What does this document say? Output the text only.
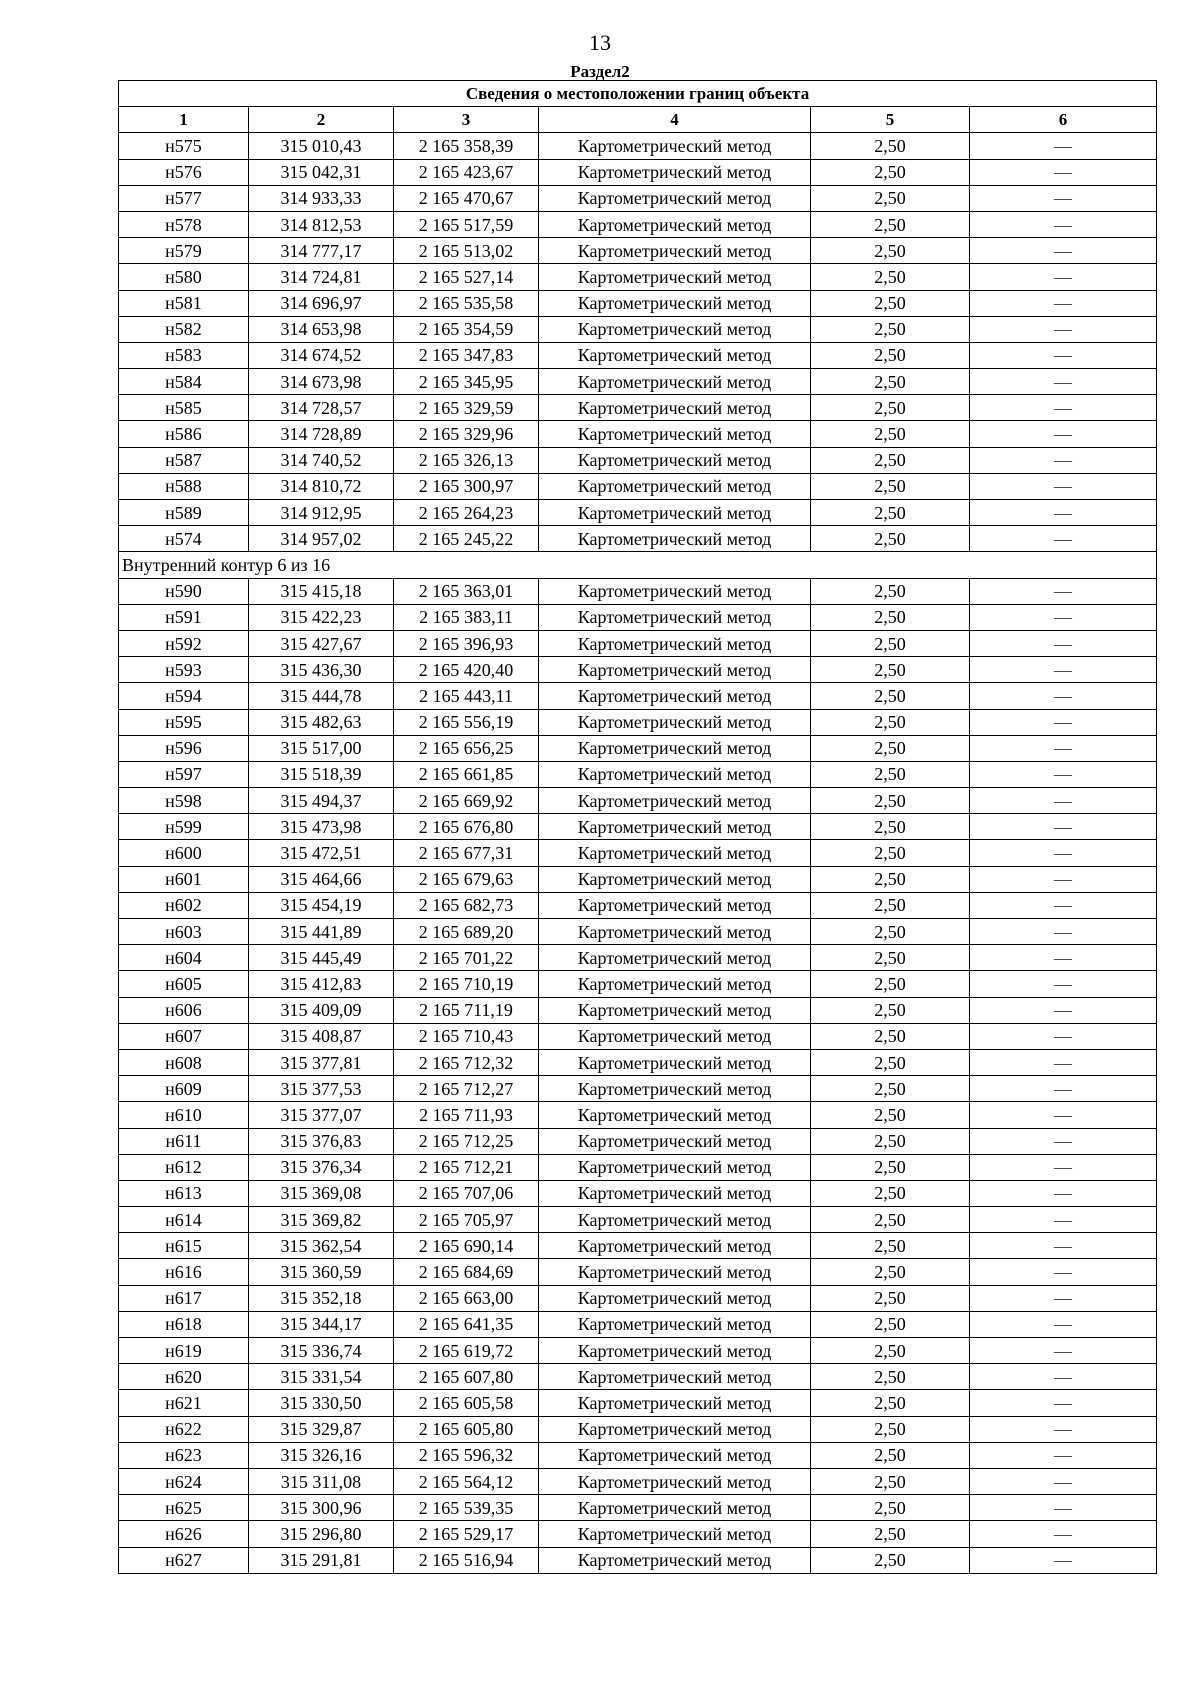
13
Раздел2
Сведения о местоположении границ объекта					
1	2	3	4	5	6
н575	315 010,43	2 165 358,39	Картометрический метод	2,50	—
н576	315 042,31	2 165 423,67	Картометрический метод	2,50	—
н577	314 933,33	2 165 470,67	Картометрический метод	2,50	—
н578	314 812,53	2 165 517,59	Картометрический метод	2,50	—
н579	314 777,17	2 165 513,02	Картометрический метод	2,50	—
н580	314 724,81	2 165 527,14	Картометрический метод	2,50	—
н581	314 696,97	2 165 535,58	Картометрический метод	2,50	—
н582	314 653,98	2 165 354,59	Картометрический метод	2,50	—
н583	314 674,52	2 165 347,83	Картометрический метод	2,50	—
н584	314 673,98	2 165 345,95	Картометрический метод	2,50	—
н585	314 728,57	2 165 329,59	Картометрический метод	2,50	—
н586	314 728,89	2 165 329,96	Картометрический метод	2,50	—
н587	314 740,52	2 165 326,13	Картометрический метод	2,50	—
н588	314 810,72	2 165 300,97	Картометрический метод	2,50	—
н589	314 912,95	2 165 264,23	Картометрический метод	2,50	—
н574	314 957,02	2 165 245,22	Картометрический метод	2,50	—
Внутренний контур 6 из 16					
н590	315 415,18	2 165 363,01	Картометрический метод	2,50	—
н591	315 422,23	2 165 383,11	Картометрический метод	2,50	—
н592	315 427,67	2 165 396,93	Картометрический метод	2,50	—
н593	315 436,30	2 165 420,40	Картометрический метод	2,50	—
н594	315 444,78	2 165 443,11	Картометрический метод	2,50	—
н595	315 482,63	2 165 556,19	Картометрический метод	2,50	—
н596	315 517,00	2 165 656,25	Картометрический метод	2,50	—
н597	315 518,39	2 165 661,85	Картометрический метод	2,50	—
н598	315 494,37	2 165 669,92	Картометрический метод	2,50	—
н599	315 473,98	2 165 676,80	Картометрический метод	2,50	—
н600	315 472,51	2 165 677,31	Картометрический метод	2,50	—
н601	315 464,66	2 165 679,63	Картометрический метод	2,50	—
н602	315 454,19	2 165 682,73	Картометрический метод	2,50	—
н603	315 441,89	2 165 689,20	Картометрический метод	2,50	—
н604	315 445,49	2 165 701,22	Картометрический метод	2,50	—
н605	315 412,83	2 165 710,19	Картометрический метод	2,50	—
н606	315 409,09	2 165 711,19	Картометрический метод	2,50	—
н607	315 408,87	2 165 710,43	Картометрический метод	2,50	—
н608	315 377,81	2 165 712,32	Картометрический метод	2,50	—
н609	315 377,53	2 165 712,27	Картометрический метод	2,50	—
н610	315 377,07	2 165 711,93	Картометрический метод	2,50	—
н611	315 376,83	2 165 712,25	Картометрический метод	2,50	—
н612	315 376,34	2 165 712,21	Картометрический метод	2,50	—
н613	315 369,08	2 165 707,06	Картометрический метод	2,50	—
н614	315 369,82	2 165 705,97	Картометрический метод	2,50	—
н615	315 362,54	2 165 690,14	Картометрический метод	2,50	—
н616	315 360,59	2 165 684,69	Картометрический метод	2,50	—
н617	315 352,18	2 165 663,00	Картометрический метод	2,50	—
н618	315 344,17	2 165 641,35	Картометрический метод	2,50	—
н619	315 336,74	2 165 619,72	Картометрический метод	2,50	—
н620	315 331,54	2 165 607,80	Картометрический метод	2,50	—
н621	315 330,50	2 165 605,58	Картометрический метод	2,50	—
н622	315 329,87	2 165 605,80	Картометрический метод	2,50	—
н623	315 326,16	2 165 596,32	Картометрический метод	2,50	—
н624	315 311,08	2 165 564,12	Картометрический метод	2,50	—
н625	315 300,96	2 165 539,35	Картометрический метод	2,50	—
н626	315 296,80	2 165 529,17	Картометрический метод	2,50	—
н627	315 291,81	2 165 516,94	Картометрический метод	2,50	—
